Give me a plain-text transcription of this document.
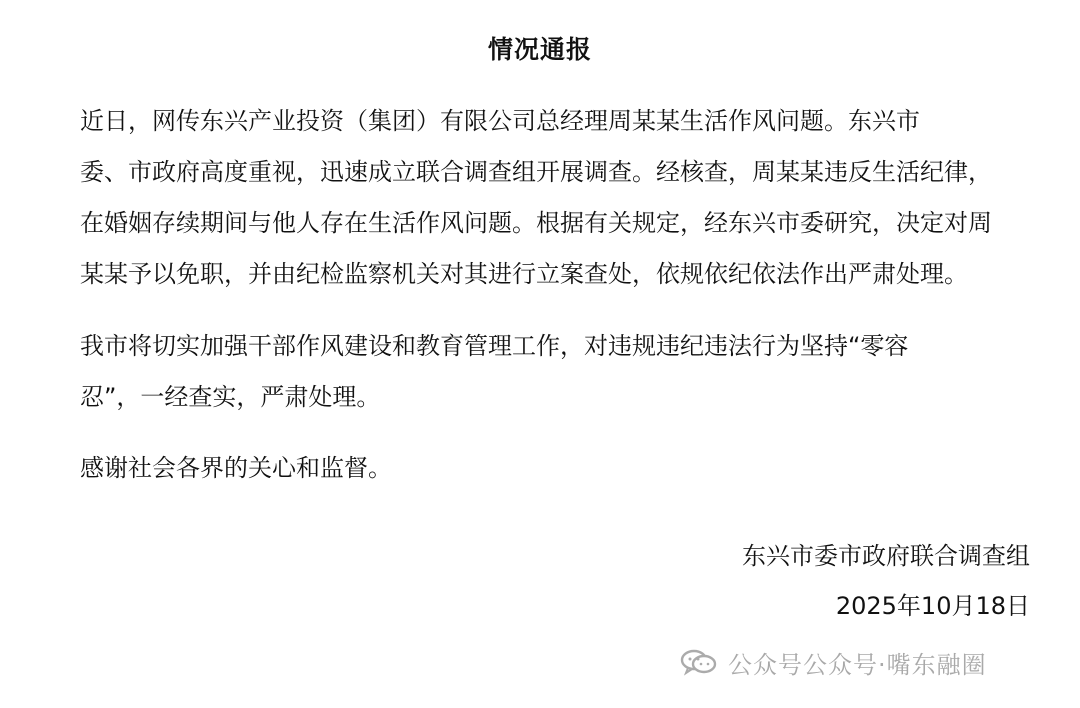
情况通报
近日，网传东兴产业投资（集团）有限公司总经理周某某生活作风问题。东兴市
委、市政府高度重视，迅速成立联合调查组开展调查。经核查，周某某违反生活纪律，
在婚姻存续期间与他人存在生活作风问题。根据有关规定，经东兴市委研究，决定对周
某某予以免职，并由纪检监察机关对其进行立案查处，依规依纪依法作出严肃处理。
我市将切实加强干部作风建设和教育管理工作，对违规违纪违法行为坚持“零容
忍”，一经查实，严肃处理。
感谢社会各界的关心和监督。
东兴市委市政府联合调查组
2025年10月18日
公众号公众号·嘴东融圈
